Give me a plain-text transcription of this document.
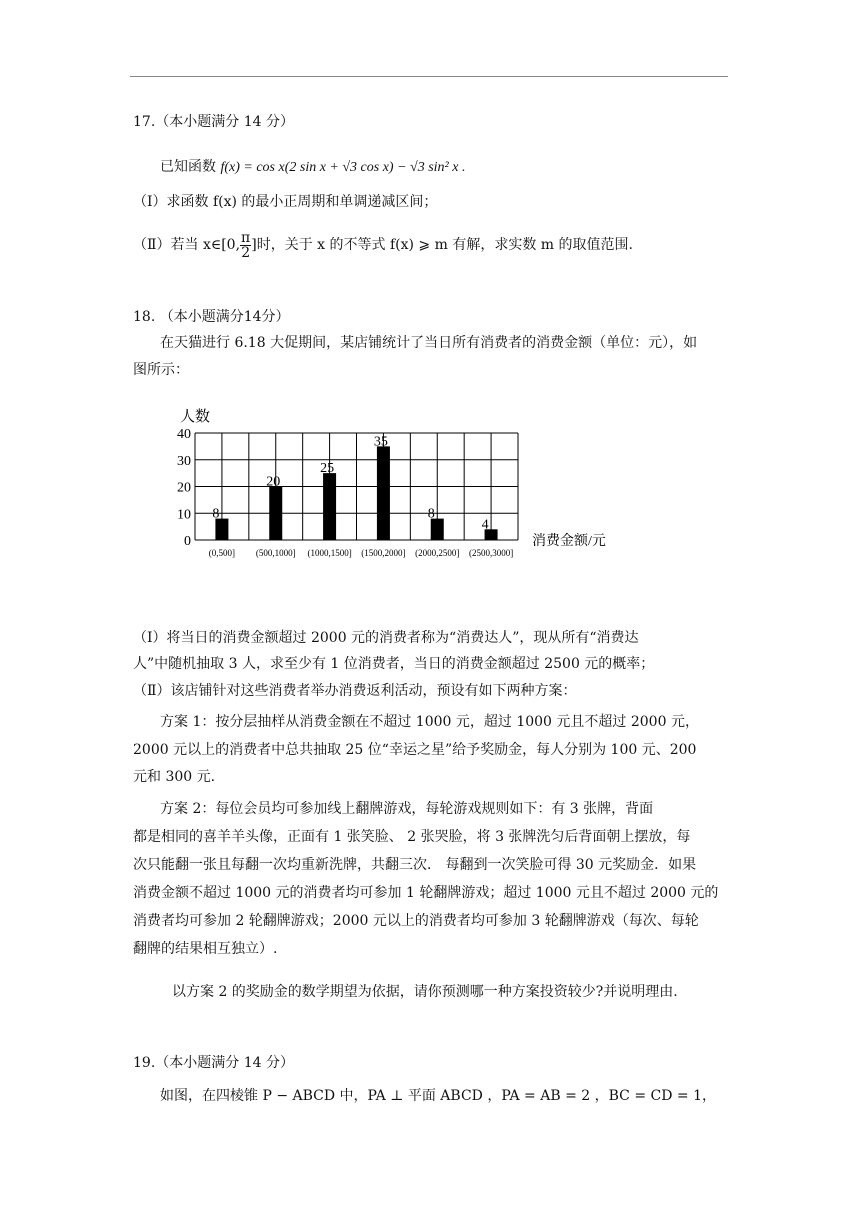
17.（本小题满分 14 分）
已知函数 f(x) = cos x(2 sin x + √3 cos x) − √3 sin² x .
（Ⅰ）求函数 f(x) 的最小正周期和单调递减区间；
（Ⅱ）若当 x∈[0, $\frac{\pi}{2}$ ]时，关于 x 的不等式 f(x) ⩾ m 有解，求实数 m 的取值范围.
18. （本小题满分14分）
在天猫进行 6.18 大促期间，某店铺统计了当日所有消费者的消费金额（单位：元），如
图所示：
人数
8
20
25
35
8
4
0
10
20
30
40
(0,500] (500,1000] (1000,1500] (1500,2000] (2000,2500] (2500,3000]
消费金额/元
（Ⅰ）将当日的消费金额超过 2000 元的消费者称为“消费达人”，现从所有“消费达
人”中随机抽取 3 人，求至少有 1 位消费者，当日的消费金额超过 2500 元的概率；
（Ⅱ）该店铺针对这些消费者举办消费返利活动，预设有如下两种方案：
方案 1：按分层抽样从消费金额在不超过 1000 元，超过 1000 元且不超过 2000 元，
2000 元以上的消费者中总共抽取 25 位“幸运之星”给予奖励金，每人分别为 100 元、200
元和 300 元.
方案 2：每位会员均可参加线上翻牌游戏，每轮游戏规则如下：有 3 张牌，背面
都是相同的喜羊羊头像，正面有 1 张笑脸、 2 张哭脸，将 3 张牌洗匀后背面朝上摆放，每
次只能翻一张且每翻一次均重新洗牌，共翻三次． 每翻到一次笑脸可得 30 元奖励金．如果
消费金额不超过 1000 元的消费者均可参加 1 轮翻牌游戏；超过 1000 元且不超过 2000 元的
消费者均可参加 2 轮翻牌游戏；2000 元以上的消费者均可参加 3 轮翻牌游戏（每次、每轮
翻牌的结果相互独立）.
以方案 2 的奖励金的数学期望为依据，请你预测哪一种方案投资较少?并说明理由.
19.（本小题满分 14 分）
如图，在四棱锥 P − ABCD 中，PA ⊥ 平面 ABCD ，PA = AB = 2 ，BC = CD = 1，
